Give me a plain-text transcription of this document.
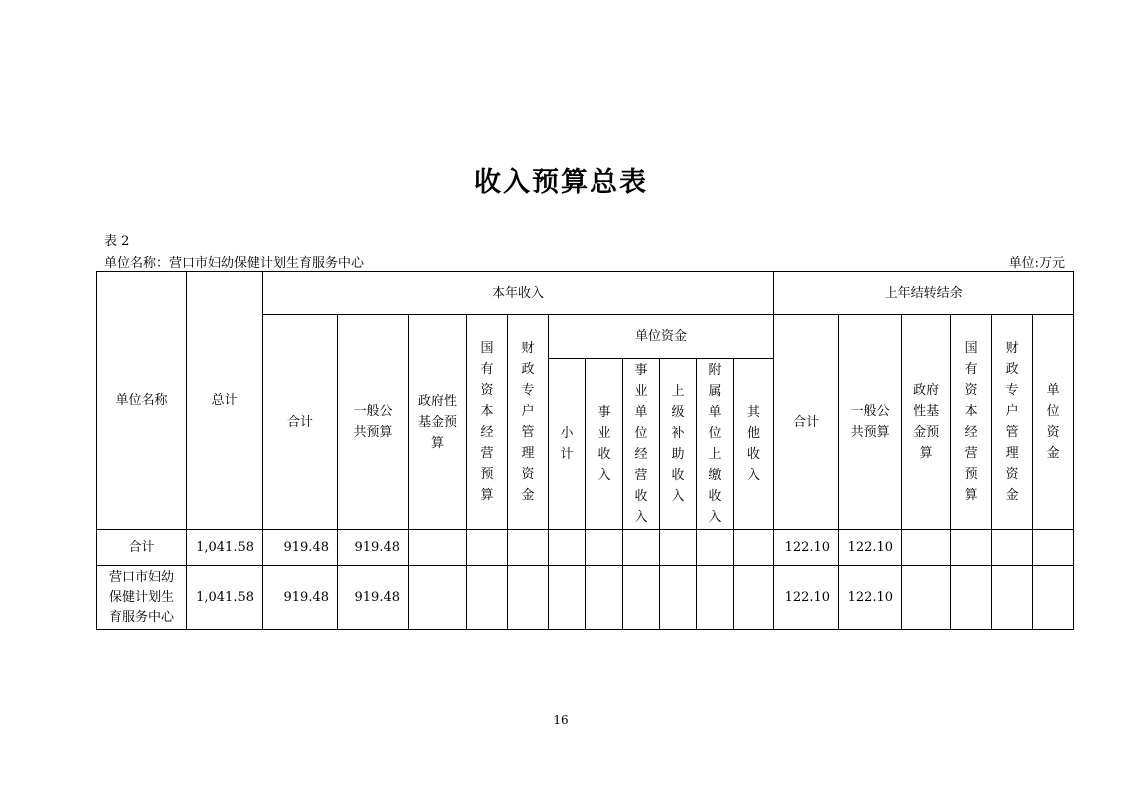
收入预算总表
表 2
单位名称：营口市妇幼保健计划生育服务中心	单位:万元
单位名称	总计	本年收入											上年结转结余					
		合计	一般公共预算	政府性基金预算	国有资本经营预算	财政专户管理资金	单位资金						合计	一般公共预算	政府性基金预算	国有资本经营预算	财政专户管理资金	单位资金
							小计	事业收入	事业单位经营收入	上级补助收入	附属单位上缴收入	其他收入						
合计	1,041.58	919.48	919.48										122.10	122.10				
营口市妇幼保健计划生育服务中心	1,041.58	919.48	919.48										122.10	122.10				
16
